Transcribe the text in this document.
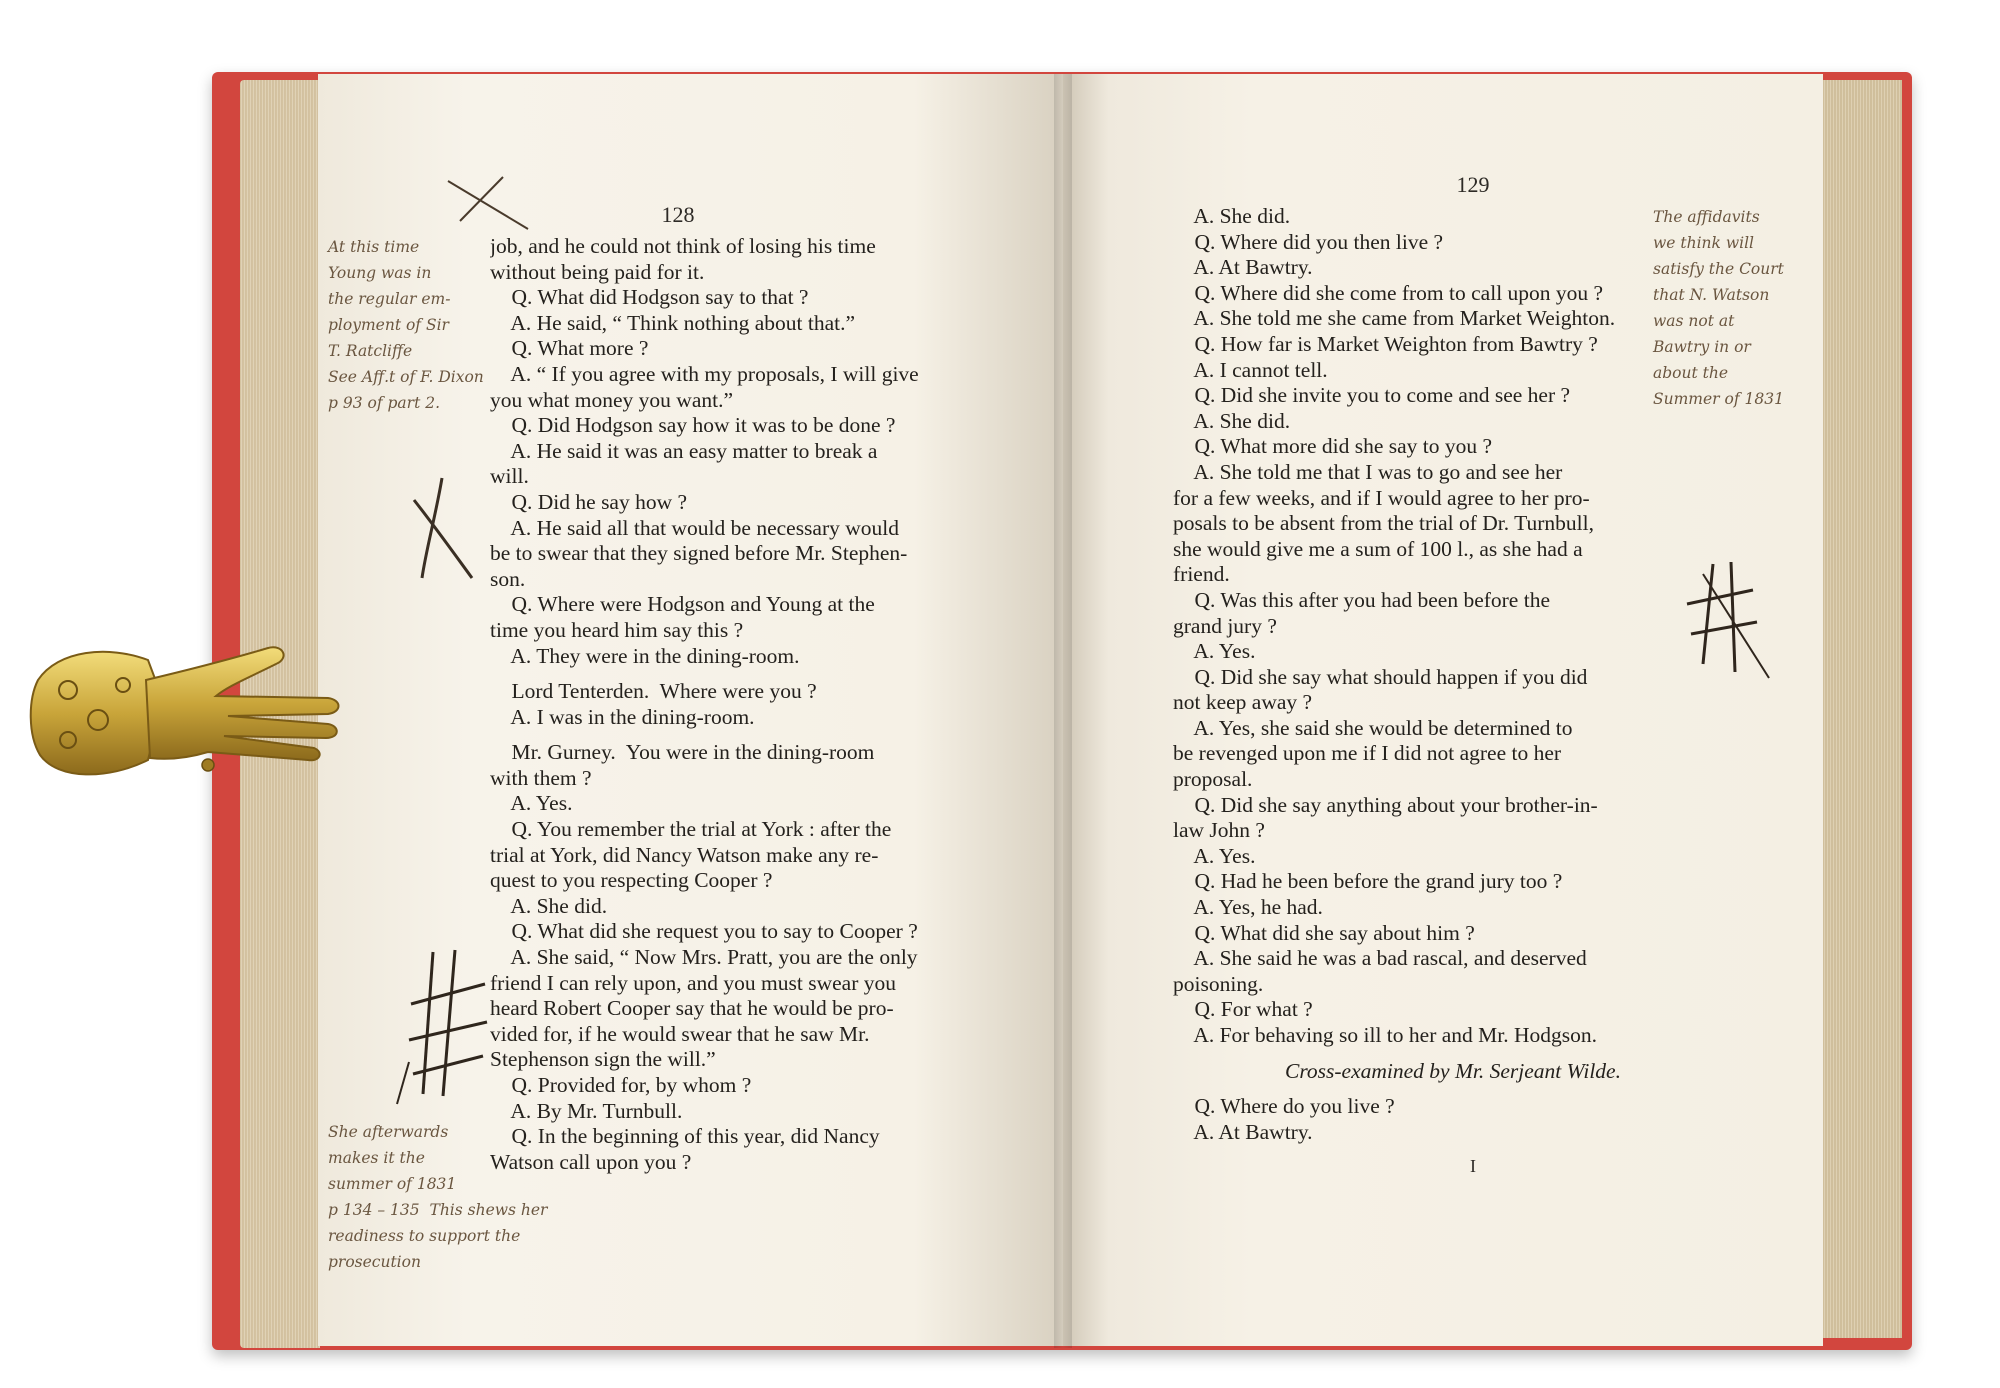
128
job, and he could not think of losing his time
without being paid for it.
Q. What did Hodgson say to that ?
A. He said, “ Think nothing about that.”
Q. What more ?
A. “ If you agree with my proposals, I will give
you what money you want.”
Q. Did Hodgson say how it was to be done ?
A. He said it was an easy matter to break a
will.
Q. Did he say how ?
A. He said all that would be necessary would
be to swear that they signed before Mr. Stephen-
son.
Q. Where were Hodgson and Young at the
time you heard him say this ?
A. They were in the dining-room.
Lord Tenterden.  Where were you ?
A. I was in the dining-room.
Mr. Gurney.  You were in the dining-room
with them ?
A. Yes.
Q. You remember the trial at York : after the
trial at York, did Nancy Watson make any re-
quest to you respecting Cooper ?
A. She did.
Q. What did she request you to say to Cooper ?
A. She said, “ Now Mrs. Pratt, you are the only
friend I can rely upon, and you must swear you
heard Robert Cooper say that he would be pro-
vided for, if he would swear that he saw Mr.
Stephenson sign the will.”
Q. Provided for, by whom ?
A. By Mr. Turnbull.
Q. In the beginning of this year, did Nancy
Watson call upon you ?
At this time
Young was in
the regular em-
ployment of Sir
T. Ratcliffe
See Aff.t of F. Dixon
p 93 of part 2.
She afterwards
makes it the
summer of 1831
p 134 – 135  This shews her
readiness to support the
prosecution
129
A. She did.
Q. Where did you then live ?
A. At Bawtry.
Q. Where did she come from to call upon you ?
A. She told me she came from Market Weighton.
Q. How far is Market Weighton from Bawtry ?
A. I cannot tell.
Q. Did she invite you to come and see her ?
A. She did.
Q. What more did she say to you ?
A. She told me that I was to go and see her
for a few weeks, and if I would agree to her pro-
posals to be absent from the trial of Dr. Turnbull,
she would give me a sum of 100 l., as she had a
friend.
Q. Was this after you had been before the
grand jury ?
A. Yes.
Q. Did she say what should happen if you did
not keep away ?
A. Yes, she said she would be determined to
be revenged upon me if I did not agree to her
proposal.
Q. Did she say anything about your brother-in-
law John ?
A. Yes.
Q. Had he been before the grand jury too ?
A. Yes, he had.
Q. What did she say about him ?
A. She said he was a bad rascal, and deserved
poisoning.
Q. For what ?
A. For behaving so ill to her and Mr. Hodgson.
Cross-examined by Mr. Serjeant Wilde.
Q. Where do you live ?
A. At Bawtry.
I
The affidavits
we think will
satisfy the Court
that N. Watson
was not at
Bawtry in or
about the
Summer of 1831
